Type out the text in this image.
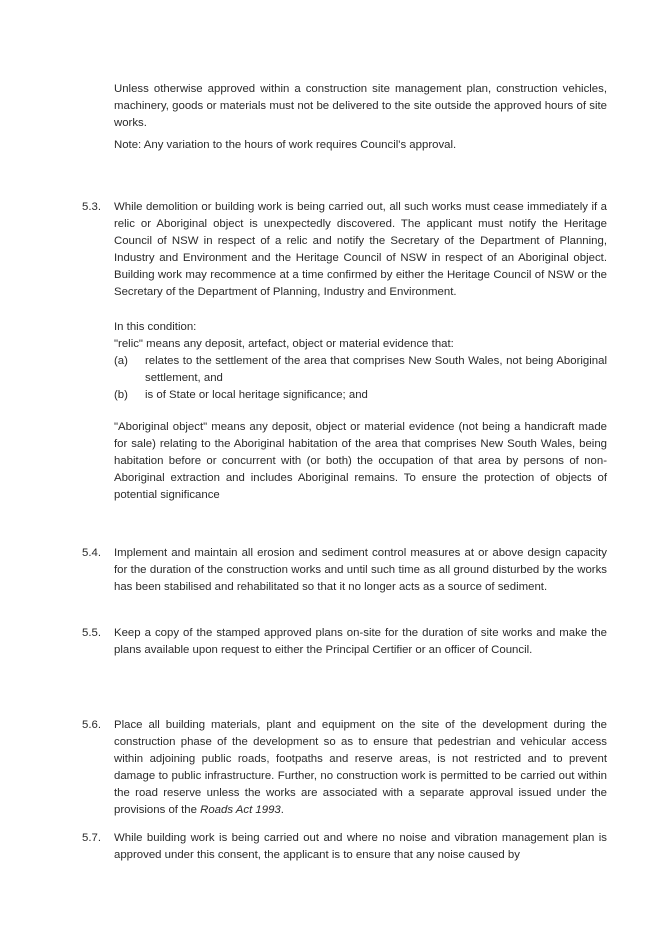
Unless otherwise approved within a construction site management plan, construction vehicles, machinery, goods or materials must not be delivered to the site outside the approved hours of site works.

Note: Any variation to the hours of work requires Council's approval.

5.3. While demolition or building work is being carried out, all such works must cease immediately if a relic or Aboriginal object is unexpectedly discovered. The applicant must notify the Heritage Council of NSW in respect of a relic and notify the Secretary of the Department of Planning, Industry and Environment and the Heritage Council of NSW in respect of an Aboriginal object. Building work may recommence at a time confirmed by either the Heritage Council of NSW or the Secretary of the Department of Planning, Industry and Environment.

In this condition:

"relic" means any deposit, artefact, object or material evidence that:

(a) relates to the settlement of the area that comprises New South Wales, not being Aboriginal settlement, and

(b) is of State or local heritage significance; and

"Aboriginal object" means any deposit, object or material evidence (not being a handicraft made for sale) relating to the Aboriginal habitation of the area that comprises New South Wales, being habitation before or concurrent with (or both) the occupation of that area by persons of non-Aboriginal extraction and includes Aboriginal remains. To ensure the protection of objects of potential significance

5.4. Implement and maintain all erosion and sediment control measures at or above design capacity for the duration of the construction works and until such time as all ground disturbed by the works has been stabilised and rehabilitated so that it no longer acts as a source of sediment.

5.5. Keep a copy of the stamped approved plans on-site for the duration of site works and make the plans available upon request to either the Principal Certifier or an officer of Council.

5.6. Place all building materials, plant and equipment on the site of the development during the construction phase of the development so as to ensure that pedestrian and vehicular access within adjoining public roads, footpaths and reserve areas, is not restricted and to prevent damage to public infrastructure. Further, no construction work is permitted to be carried out within the road reserve unless the works are associated with a separate approval issued under the provisions of the Roads Act 1993.

5.7. While building work is being carried out and where no noise and vibration management plan is approved under this consent, the applicant is to ensure that any noise caused by
